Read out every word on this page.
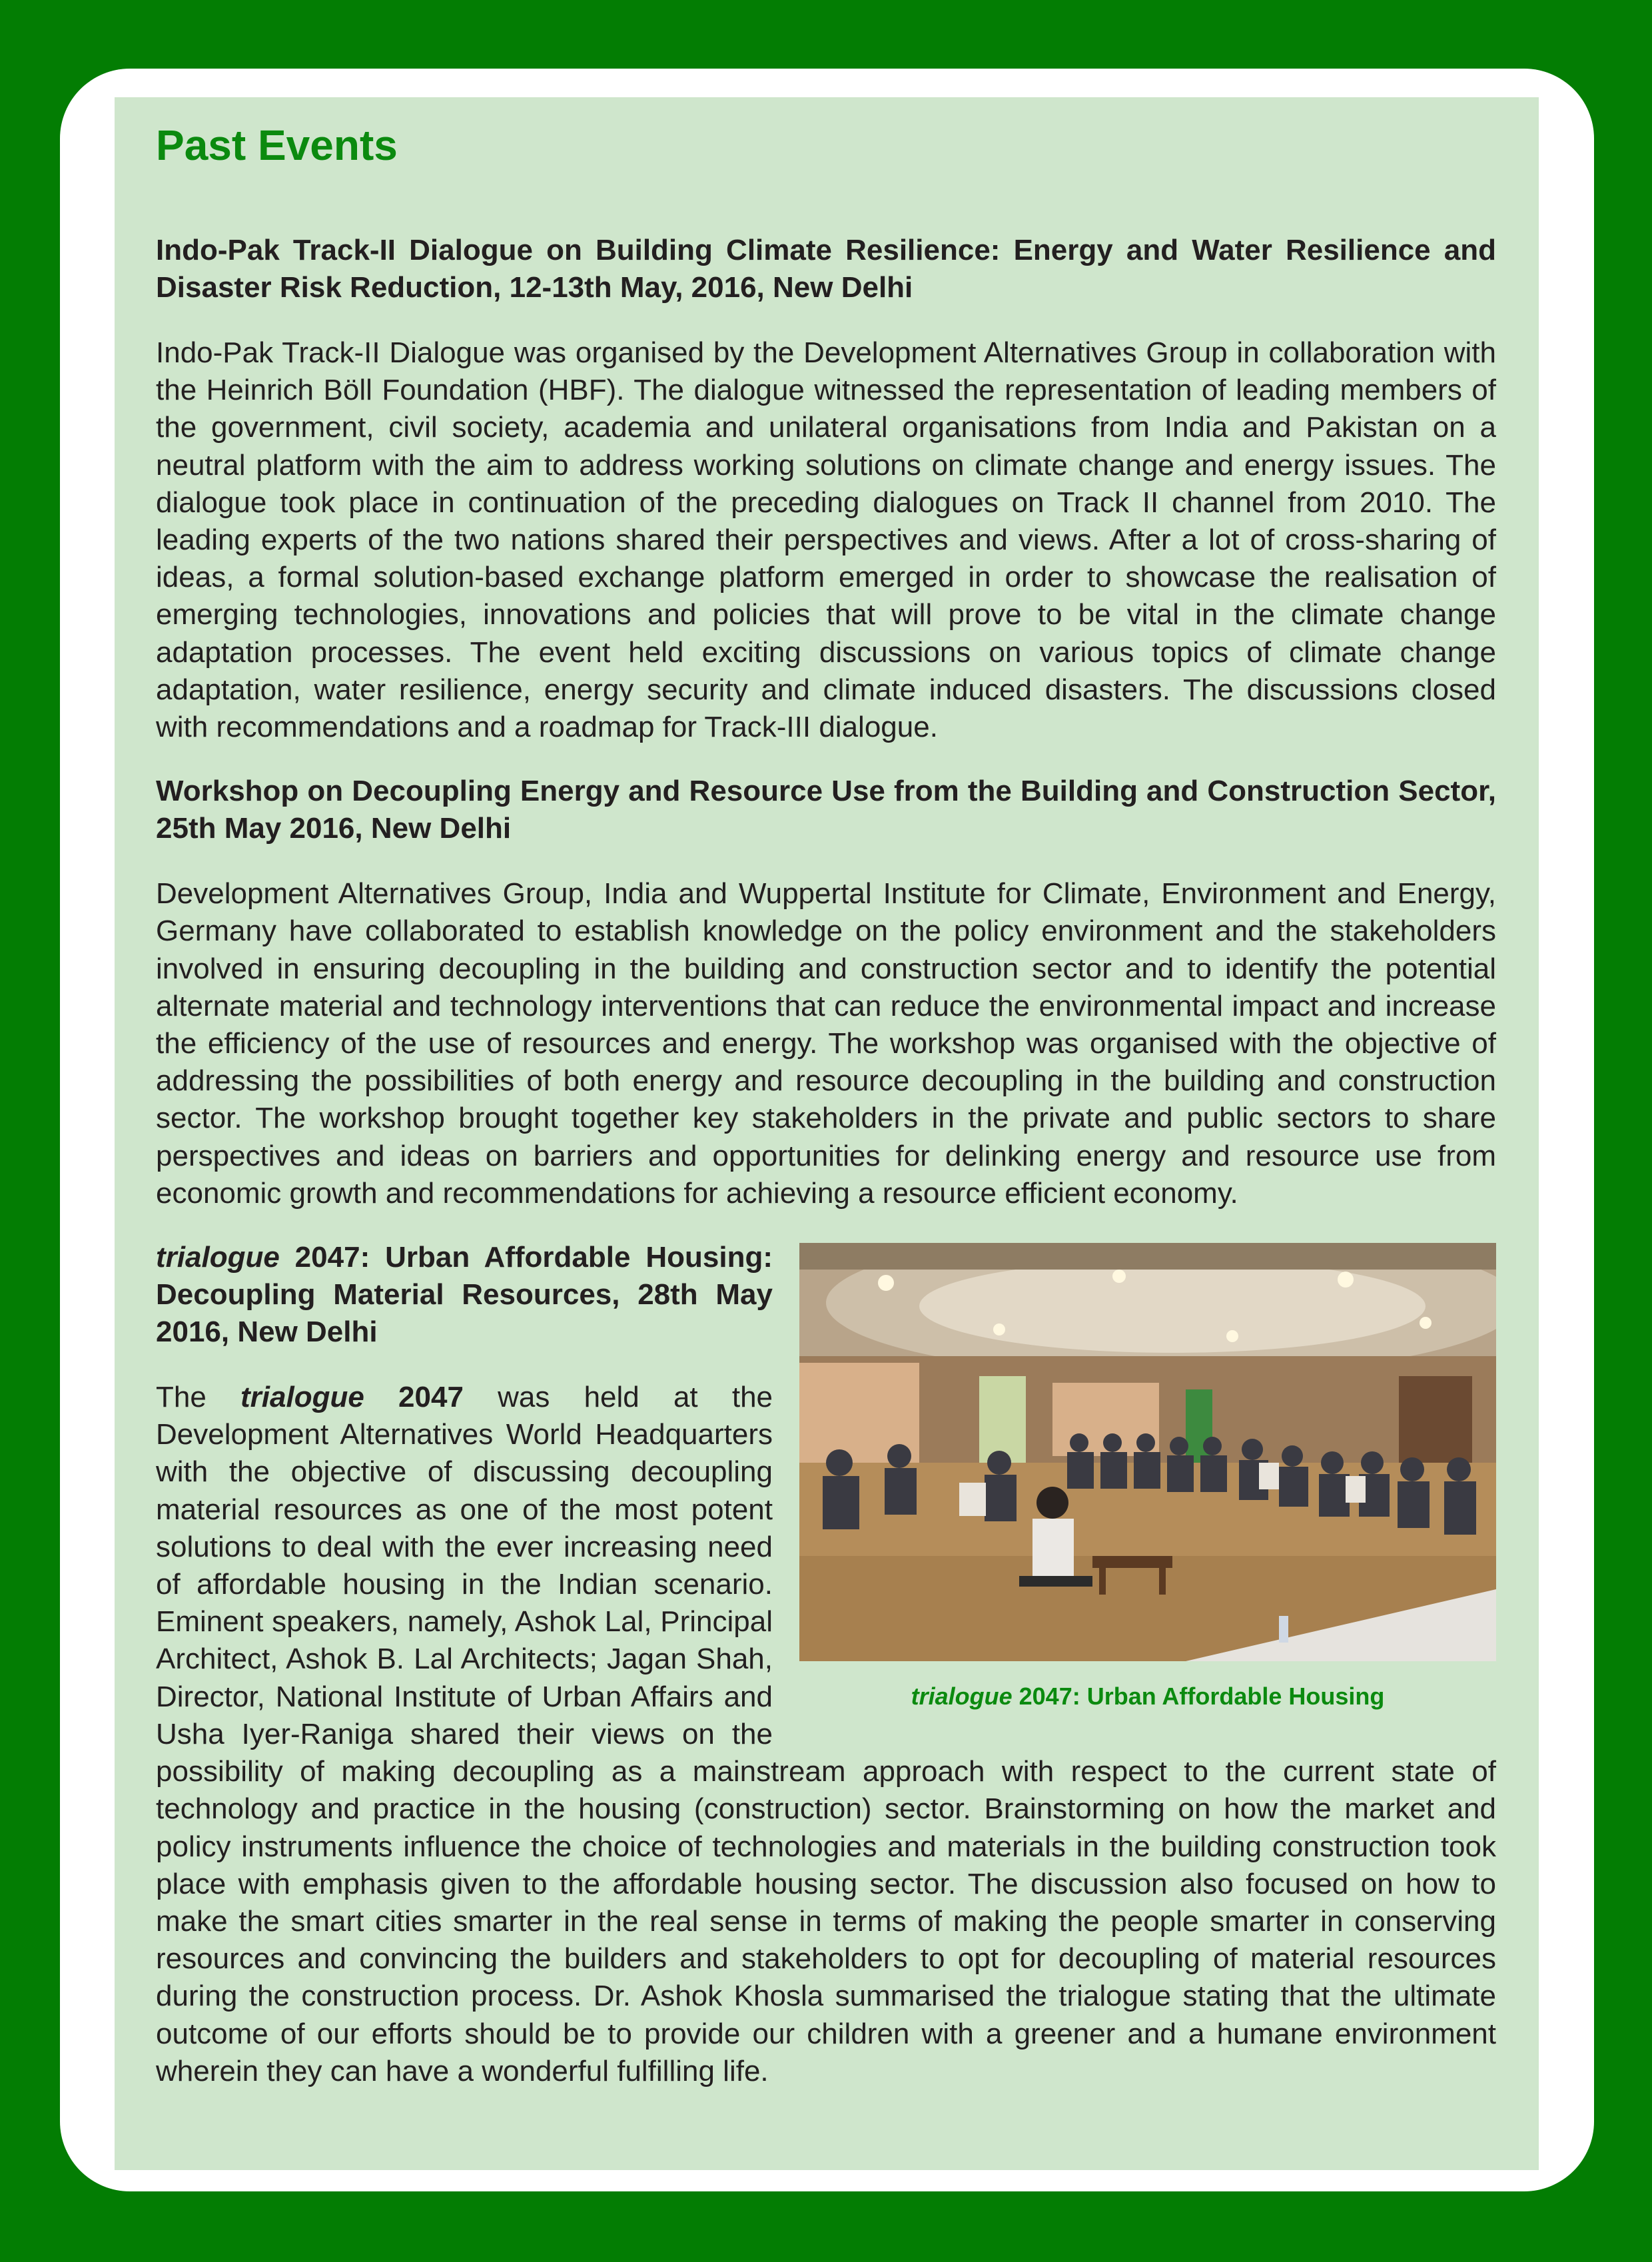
Past Events
Indo-Pak Track-II Dialogue on Building Climate Resilience: Energy and Water Resilience and Disaster Risk Reduction, 12-13th May, 2016, New Delhi

Indo-Pak Track-II Dialogue was organised by the Development Alternatives Group in collaboration with the Heinrich Böll Foundation (HBF). The dialogue witnessed the representation of leading members of the government, civil society, academia and unilateral organisations from India and Pakistan on a neutral platform with the aim to address working solutions on climate change and energy issues. The dialogue took place in continuation of the preceding dialogues on Track II channel from 2010. The leading experts of the two nations shared their perspectives and views. After a lot of cross-sharing of ideas, a formal solution-based exchange platform emerged in order to showcase the realisation of emerging technologies, innovations and policies that will prove to be vital in the climate change adaptation processes. The event held exciting discussions on various topics of climate change adaptation, water resilience, energy security and climate induced disasters. The discussions closed with recommendations and a roadmap for Track-III dialogue.

Workshop on Decoupling Energy and Resource Use from the Building and Construction Sector, 25th May 2016, New Delhi

Development Alternatives Group, India and Wuppertal Institute for Climate, Environment and Energy, Germany have collaborated to establish knowledge on the policy environment and the stakeholders involved in ensuring decoupling in the building and construction sector and to identify the potential alternate material and technology interventions that can reduce the environmental impact and increase the efficiency of the use of resources and energy. The workshop was organised with the objective of addressing the possibilities of both energy and resource decoupling in the building and construction sector. The workshop brought together key stakeholders in the private and public sectors to share perspectives and ideas on barriers and opportunities for delinking energy and resource use from economic growth and recommendations for achieving a resource efficient economy.

trialogue 2047: Urban Affordable Housing
trialogue 2047: Urban Affordable Housing: Decoupling Material Resources, 28th May 2016, New Delhi

The trialogue 2047 was held at the Development Alternatives World Headquarters with the objective of discussing decoupling material resources as one of the most potent solutions to deal with the ever increasing need of affordable housing in the Indian scenario. Eminent speakers, namely, Ashok Lal, Principal Architect, Ashok B. Lal Architects; Jagan Shah, Director, National Institute of Urban Affairs and Usha Iyer-Raniga shared their views on the possibility of making decoupling as a mainstream approach with respect to the current state of technology and practice in the housing (construction) sector. Brainstorming on how the market and policy instruments influence the choice of technologies and materials in the building construction took place with emphasis given to the affordable housing sector. The discussion also focused on how to make the smart cities smarter in the real sense in terms of making the people smarter in conserving resources and convincing the builders and stakeholders to opt for decoupling of material resources during the construction process. Dr. Ashok Khosla summarised the trialogue stating that the ultimate outcome of our efforts should be to provide our children with a greener and a humane environment wherein they can have a wonderful fulfilling life.
